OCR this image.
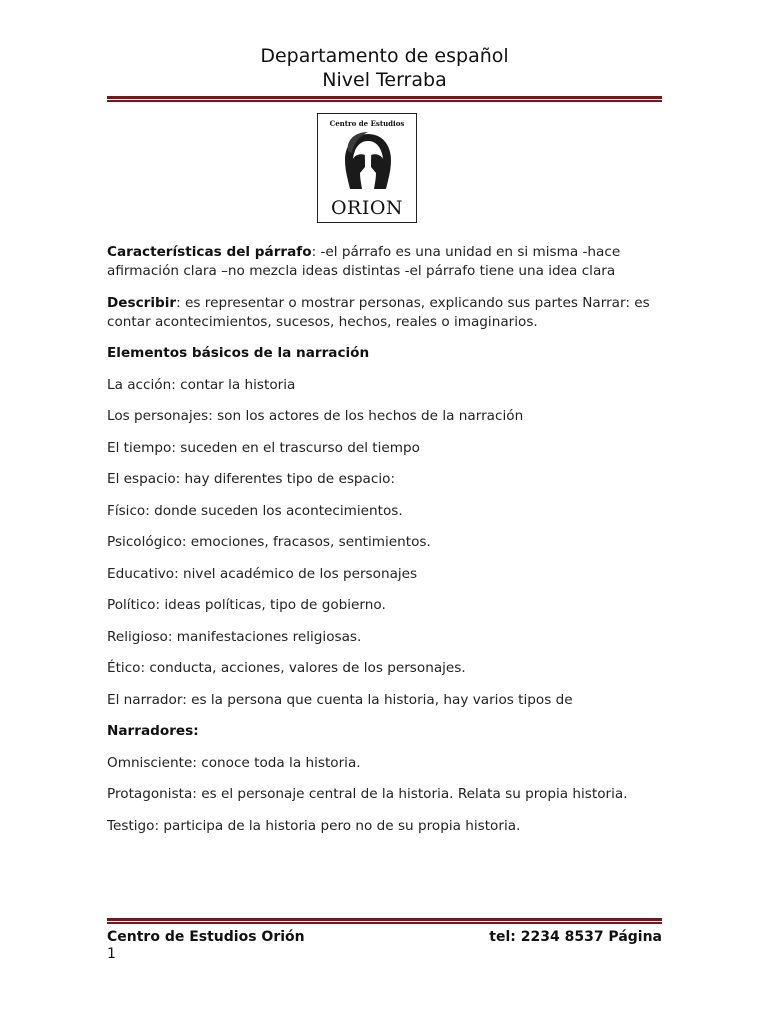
Departamento de español
Nivel Terraba
Centro de Estudios
ORION

Características del párrafo: -el párrafo es una unidad en si misma -hace afirmación clara –no mezcla ideas distintas -el párrafo tiene una idea clara

Describir: es representar o mostrar personas, explicando sus partes Narrar: es contar acontecimientos, sucesos, hechos, reales o imaginarios.

Elementos básicos de la narración

La acción: contar la historia

Los personajes: son los actores de los hechos de la narración

El tiempo: suceden en el trascurso del tiempo

El espacio: hay diferentes tipo de espacio:

Físico: donde suceden los acontecimientos.

Psicológico: emociones, fracasos, sentimientos.

Educativo: nivel académico de los personajes

Político: ideas políticas, tipo de gobierno.

Religioso: manifestaciones religiosas.

Ético: conducta, acciones, valores de los personajes.

El narrador: es la persona que cuenta la historia, hay varios tipos de

Narradores:

Omnisciente: conoce toda la historia.

Protagonista: es el personaje central de la historia. Relata su propia historia.

Testigo: participa de la historia pero no de su propia historia.

Centro de Estudios Orión	tel: 2234 8537 Página
1
